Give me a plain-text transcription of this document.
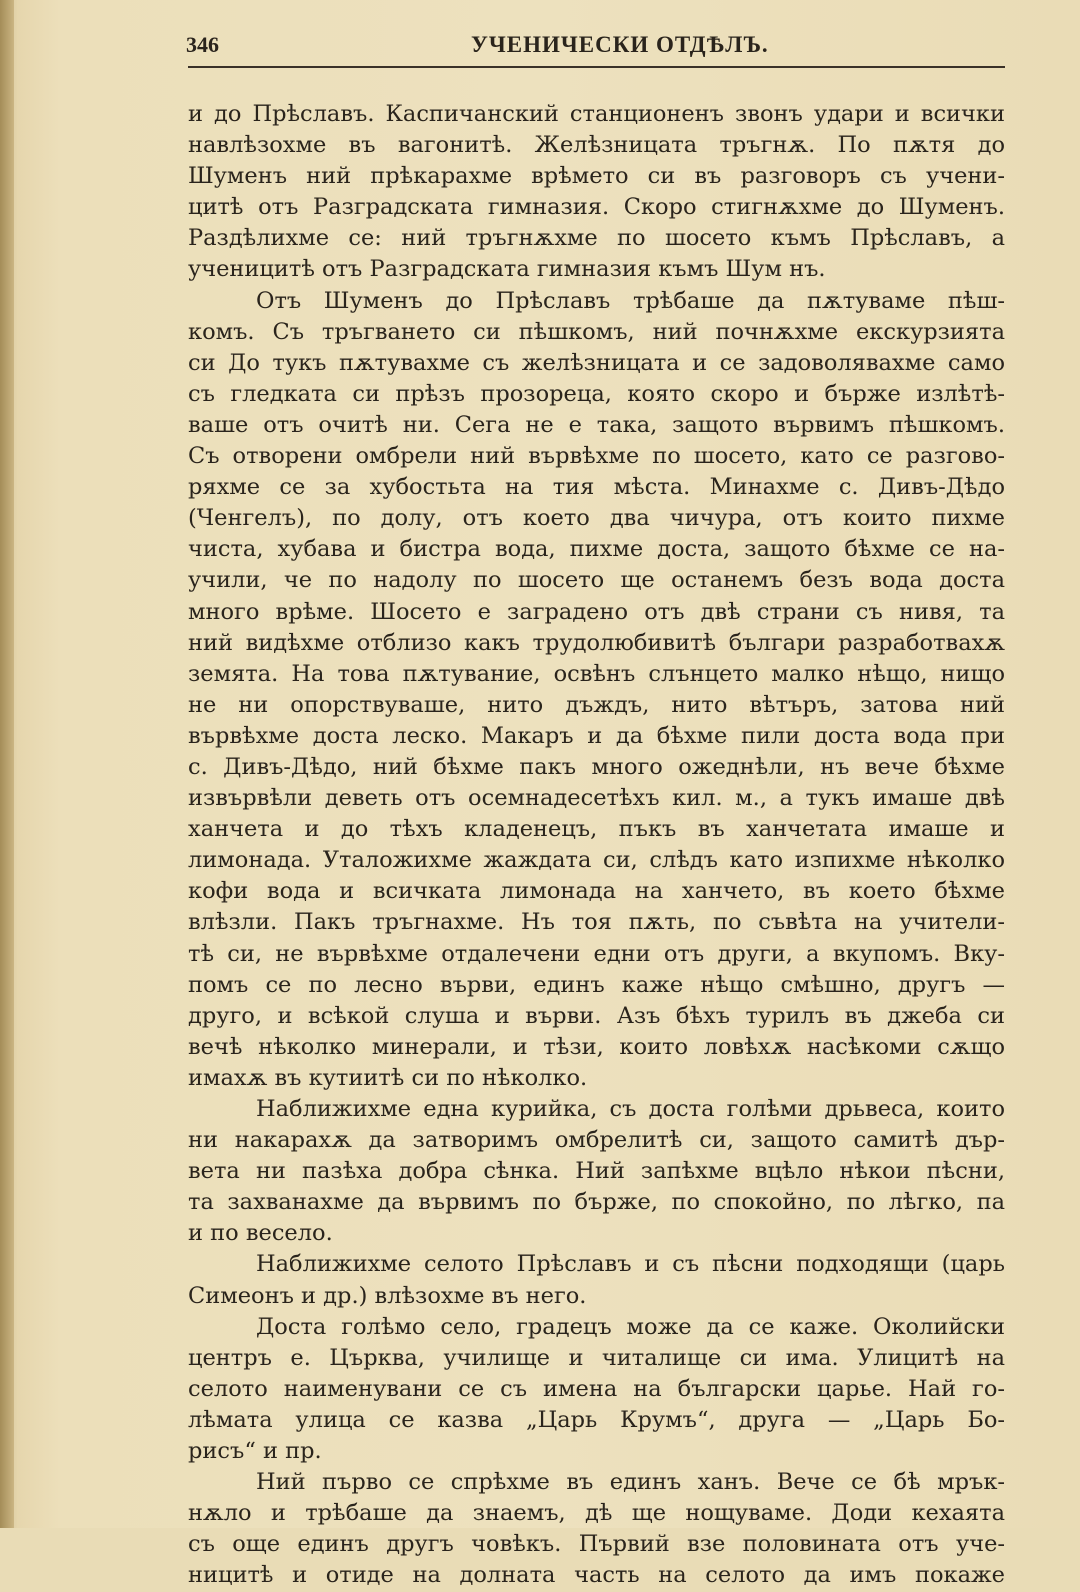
346	УЧЕНИЧЕСКИ ОТДѢЛЪ.
и до Прѣславъ. Каспичанский станционенъ звонъ удари и всички
навлѣзохме въ вагонитѣ. Желѣзницата тръгнѫ. По пѫтя до
Шуменъ ний прѣкарахме врѣмето си въ разговоръ съ учени-
цитѣ отъ Разградската гимназия. Скоро стигнѫхме до Шуменъ.
Раздѣлихме се: ний тръгнѫхме по шосето къмъ Прѣславъ, а
ученицитѣ отъ Разградската гимназия къмъ Шум нъ.
Отъ Шуменъ до Прѣславъ трѣбаше да пѫтуваме пѣш-
комъ. Съ тръгването си пѣшкомъ, ний почнѫхме екскурзията
си До тукъ пѫтувахме съ желѣзницата и се задоволявахме само
съ гледката си прѣзъ прозореца, която скоро и бърже излѣтѣ-
ваше отъ очитѣ ни. Сега не е така, защото вървимъ пѣшкомъ.
Съ отворени омбрели ний вървѣхме по шосето, като се разгово-
ряхме се за хубостьта на тия мѣста. Минахме с. Дивъ-Дѣдо
(Ченгелъ), по долу, отъ което два чичура, отъ които пихме
чиста, хубава и бистра вода, пихме доста, защото бѣхме се на-
учили, че по надолу по шосето ще останемъ безъ вода доста
много врѣме. Шосето е заградено отъ двѣ страни съ нивя, та
ний видѣхме отблизо какъ трудолюбивитѣ българи разработвахѫ
земята. На това пѫтувание, освѣнъ слънцето малко нѣщо, нищо
не ни опорствуваше, нито дъждъ, нито вѣтъръ, затова ний
вървѣхме доста леско. Макаръ и да бѣхме пили доста вода при
с. Дивъ-Дѣдо, ний бѣхме пакъ много ожеднѣли, нъ вече бѣхме
извървѣли деветь отъ осемнадесетѣхъ кил. м., а тукъ имаше двѣ
ханчета и до тѣхъ кладенецъ, пъкъ въ ханчетата имаше и
лимонада. Уталожихме жаждата си, слѣдъ като изпихме нѣколко
кофи вода и всичката лимонада на ханчето, въ което бѣхме
влѣзли. Пакъ тръгнахме. Нъ тоя пѫть, по съвѣта на учители-
тѣ си, не вървѣхме отдалечени едни отъ други, а вкупомъ. Вку-
помъ се по лесно върви, единъ каже нѣщо смѣшно, другъ —
друго, и всѣкой слуша и върви. Азъ бѣхъ турилъ въ джеба си
вечѣ нѣколко минерали, и тѣзи, които ловѣхѫ насѣкоми сѫщо
имахѫ въ кутиитѣ си по нѣколко.
Наближихме една курийка, съ доста голѣми дрьвеса, които
ни накарахѫ да затворимъ омбрелитѣ си, защото самитѣ дър-
вета ни пазѣха добра сѣнка. Ний запѣхме вцѣло нѣкои пѣсни,
та захванахме да вървимъ по бърже, по спокойно, по лѣгко, па
и по весело.
Наближихме селото Прѣславъ и съ пѣсни подходящи (царь
Симеонъ и др.) влѣзохме въ него.
Доста голѣмо село, градецъ може да се каже. Околийски
центръ е. Църква, училище и читалище си има. Улицитѣ на
селото наименувани се съ имена на български царье. Най го-
лѣмата улица се казва „Царь Крумъ“, друга — „Царь Бо-
рисъ“ и пр.
Ний първо се спрѣхме въ единъ ханъ. Вече се бѣ мрък-
нѫло и трѣбаше да знаемъ, дѣ ще нощуваме. Доди кехаята
съ още единъ другъ човѣкъ. Първий взе половината отъ уче-
ницитѣ и отиде на долната часть на селото да имъ покаже
